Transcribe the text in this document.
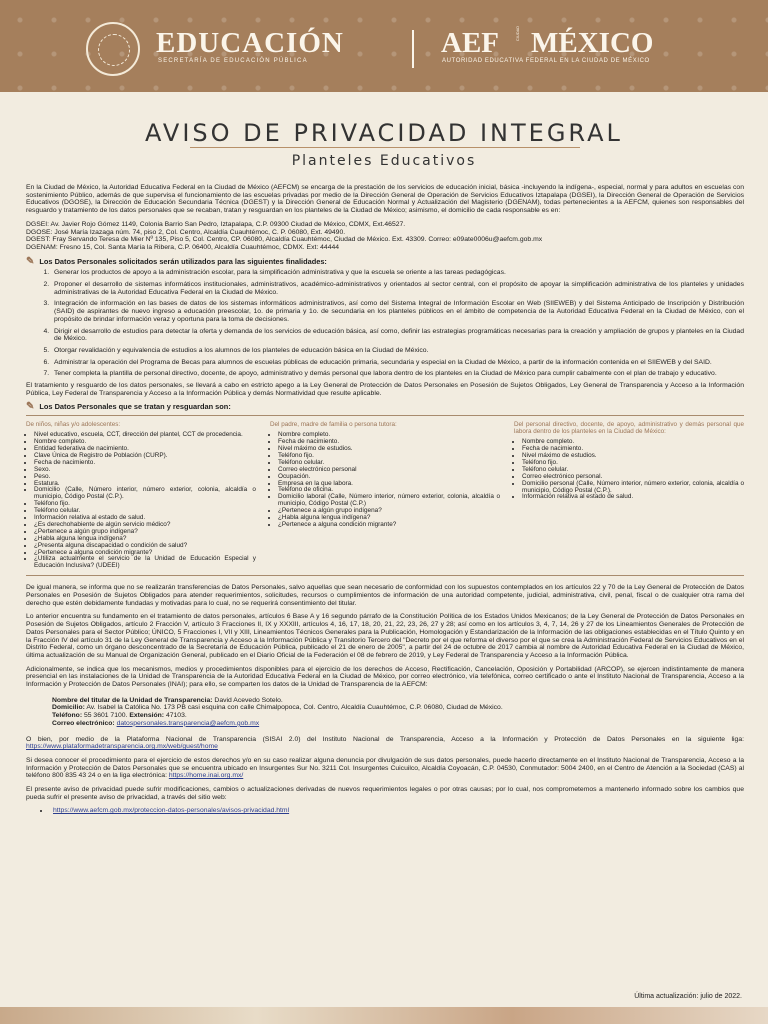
EDUCACIÓN
SECRETARÍA DE EDUCACIÓN PÚBLICA
AEF	CIUDAD MÉXICO
AUTORIDAD EDUCATIVA FEDERAL EN LA CIUDAD DE MÉXICO
AVISO DE PRIVACIDAD INTEGRAL
Planteles Educativos

En la Ciudad de México, la Autoridad Educativa Federal en la Ciudad de México (AEFCM) se encarga de la prestación de los servicios de educación inicial, básica -incluyendo la indígena-, especial, normal y para adultos en escuelas con sostenimiento Público, además de que supervisa el funcionamiento de las escuelas privadas por medio de la Dirección General de Operación de Servicios Educativos Iztapalapa (DGSEI), la Dirección General de Operación de Servicios Educativos (DGOSE), la Dirección de Educación Secundaria Técnica (DGEST) y la Dirección General de Educación Normal y Actualización del Magisterio (DGENAM), todas pertenecientes a la AEFCM, quienes son responsables del resguardo y tratamiento de los datos personales que se recaban, tratan y resguardan en los planteles de la Ciudad de México; asimismo, el domicilio de cada responsable es en:

DGSEI: Av. Javier Rojo Gómez 1149, Colonia Barrio San Pedro, Iztapalapa, C.P. 09300 Ciudad de México, CDMX, Ext.46527.

DGOSE: José María Izazaga núm. 74, piso 2, Col. Centro, Alcaldía Cuauhtémoc, C. P. 06080, Ext. 49490.

DGEST: Fray Servando Teresa de Mier Nº 135, Piso 5, Col. Centro, CP. 06080, Alcaldía Cuauhtémoc, Ciudad de México. Ext. 43309. Correo: e09ate0006u@aefcm.gob.mx

DGENAM: Fresno 15, Col. Santa María la Ribera, C.P. 06400, Alcaldía Cuauhtémoc, CDMX. Ext: 44444

✎ Los Datos Personales solicitados serán utilizados para las siguientes finalidades:
1. Generar los productos de apoyo a la administración escolar, para la simplificación administrativa y que la escuela se oriente a las tareas pedagógicas.
2. Proponer el desarrollo de sistemas informáticos institucionales, administrativos, académico-administrativos y orientados al sector central, con el propósito de apoyar la simplificación administrativa de los planteles y unidades administrativas de la Autoridad Educativa Federal en la Ciudad de México.
3. Integración de información en las bases de datos de los sistemas informáticos administrativos, así como del Sistema Integral de Información Escolar en Web (SIIEWEB) y del Sistema Anticipado de Inscripción y Distribución (SAID) de aspirantes de nuevo ingreso a educación preescolar, 1o. de primaria y 1o. de secundaria en los planteles públicos en el ámbito de competencia de la Autoridad Educativa Federal en la Ciudad de México, con el propósito de brindar información veraz y oportuna para la toma de decisiones.
4. Dirigir el desarrollo de estudios para detectar la oferta y demanda de los servicios de educación básica, así como, definir las estrategias programáticas necesarias para la creación y ampliación de grupos y planteles en la Ciudad de México.
5. Otorgar revalidación y equivalencia de estudios a los alumnos de los planteles de educación básica en la Ciudad de México.
6. Administrar la operación del Programa de Becas para alumnos de escuelas públicas de educación primaria, secundaria y especial en la Ciudad de México, a partir de la información contenida en el SIIEWEB y del SAID.
7. Tener completa la plantilla de personal directivo, docente, de apoyo, administrativo y demás personal que labora dentro de los planteles en la Ciudad de México para cumplir cabalmente con el plan de trabajo y educativo.

El tratamiento y resguardo de los datos personales, se llevará a cabo en estricto apego a la Ley General de Protección de Datos Personales en Posesión de Sujetos Obligados, Ley General de Transparencia y Acceso a la Información Pública, Ley Federal de Transparencia y Acceso a la Información Pública y demás Normatividad que resulte aplicable.

✎ Los Datos Personales que se tratan y resguardan son:
De niños, niñas y/o adolescentes:
• Nivel educativo, escuela, CCT, dirección del plantel, CCT de procedencia.
• Nombre completo.
• Entidad federativa de nacimiento.
• Clave Única de Registro de Población (CURP).
• Fecha de nacimiento.
• Sexo.
• Peso.
• Estatura.
• Domicilio (Calle, Número interior, número exterior, colonia, alcaldía o municipio, Código Postal (C.P.).
• Teléfono fijo.
• Teléfono celular.
• Información relativa al estado de salud.
• ¿Es derechohabiente de algún servicio médico?
• ¿Pertenece a algún grupo indígena?
• ¿Habla alguna lengua indígena?
• ¿Presenta alguna discapacidad o condición de salud?
• ¿Pertenece a alguna condición migrante?
• ¿Utiliza actualmente el servicio de la Unidad de Educación Especial y Educación Inclusiva? (UDEEI)
Del padre, madre de familia o persona tutora:
• Nombre completo.
• Fecha de nacimiento.
• Nivel máximo de estudios.
• Teléfono fijo.
• Teléfono celular.
• Correo electrónico personal
• Ocupación.
• Empresa en la que labora.
• Teléfono de oficina.
• Domicilio laboral (Calle, Número interior, número exterior, colonia, alcaldía o municipio, Código Postal (C.P.)
• ¿Pertenece a algún grupo indígena?
• ¿Habla alguna lengua indígena?
• ¿Pertenece a alguna condición migrante?
Del personal directivo, docente, de apoyo, administrativo y demás personal que labora dentro de los planteles en la Ciudad de México:
• Nombre completo.
• Fecha de nacimiento.
• Nivel máximo de estudios.
• Teléfono fijo.
• Teléfono celular.
• Correo electrónico personal.
• Domicilio personal (Calle, Número interior, número exterior, colonia, alcaldía o municipio, Código Postal (C.P.).
• Información relativa al estado de salud.

De igual manera, se informa que no se realizarán transferencias de Datos Personales, salvo aquellas que sean necesario de conformidad con los supuestos contemplados en los artículos 22 y 70 de la Ley General de Protección de Datos Personales en Posesión de Sujetos Obligados para atender requerimientos, solicitudes, recursos o cumplimientos de información de una autoridad competente, judicial, administrativa, civil, penal, fiscal o de cualquier otra rama del derecho que estén debidamente fundadas y motivadas para lo cual, no se requerirá consentimiento del titular.

Lo anterior encuentra su fundamento en el tratamiento de datos personales, artículos 6 Base A y 16 segundo párrafo de la Constitución Política de los Estados Unidos Mexicanos; de la Ley General de Protección de Datos Personales en Posesión de Sujetos Obligados, artículo 2 Fracción V, artículo 3 Fracciones II, IX y XXXIII, artículos 4, 16, 17, 18, 20, 21, 22, 23, 26, 27 y 28; así como en los artículos 3, 4, 7, 14, 26 y 27 de los Lineamientos Generales de Protección de Datos Personales para el Sector Público; ÚNICO, 5 Fracciones I, VII y XIII, Lineamientos Técnicos Generales para la Publicación, Homologación y Estandarización de la Información de las obligaciones establecidas en el Título Quinto y en la Fracción IV del artículo 31 de la Ley General de Transparencia y Acceso a la Información Pública y Transitorio Tercero del "Decreto por el que reforma el diverso por el que se crea la Administración Federal de Servicios Educativos en el Distrito Federal, como un órgano desconcentrado de la Secretaría de Educación Pública, publicado el 21 de enero de 2005", a partir del 24 de octubre de 2017 cambia al nombre de Autoridad Educativa Federal en la Ciudad de México, última actualización de su Manual de Organización General, publicado en el Diario Oficial de la Federación el 08 de febrero de 2019, y Ley Federal de Transparencia y Acceso a la Información Pública.

Adicionalmente, se indica que los mecanismos, medios y procedimientos disponibles para el ejercicio de los derechos de Acceso, Rectificación, Cancelación, Oposición y Portabilidad (ARCOP), se ejercen indistintamente de manera presencial en las instalaciones de la Unidad de Transparencia de la Autoridad Educativa Federal en la Ciudad de México, por correo electrónico, vía telefónica, correo certificado o ante el Instituto Nacional de Transparencia, Acceso a la Información y Protección de Datos Personales (INAI); para ello, se comparten los datos de la Unidad de Transparencia de la AEFCM:

Nombre del titular de la Unidad de Transparencia: David Acevedo Sotelo.

Domicilio: Av. Isabel la Católica No. 173 PB casi esquina con calle Chimalpopoca, Col. Centro, Alcaldía Cuauhtémoc, C.P. 06080, Ciudad de México.

Teléfono: 55 3601 7100. Extensión: 47103.

Correo electrónico: datospersonales.transparencia@aefcm.gob.mx

O bien, por medio de la Plataforma Nacional de Transparencia (SISAI 2.0) del Instituto Nacional de Transparencia, Acceso a la Información y Protección de Datos Personales en la siguiente liga: https://www.plataformadetransparencia.org.mx/web/guest/home

Si desea conocer el procedimiento para el ejercicio de estos derechos y/o en su caso realizar alguna denuncia por divulgación de sus datos personales, puede hacerlo directamente en el Instituto Nacional de Transparencia, Acceso a la Información y Protección de Datos Personales que se encuentra ubicado en Insurgentes Sur No. 3211 Col. Insurgentes Cuicuilco, Alcaldía Coyoacán, C.P. 04530, Conmutador: 5004 2400, en el Centro de Atención a la Sociedad (CAS) al teléfono 800 835 43 24 o en la liga electrónica: https://home.inai.org.mx/

El presente aviso de privacidad puede sufrir modificaciones, cambios o actualizaciones derivadas de nuevos requerimientos legales o por otras causas; por lo cual, nos comprometemos a mantenerlo informado sobre los cambios que pueda sufrir el presente aviso de privacidad, a través del sitio web:

• https://www.aefcm.gob.mx/proteccion-datos-personales/avisos-privacidad.html
Última actualización: julio de 2022.
